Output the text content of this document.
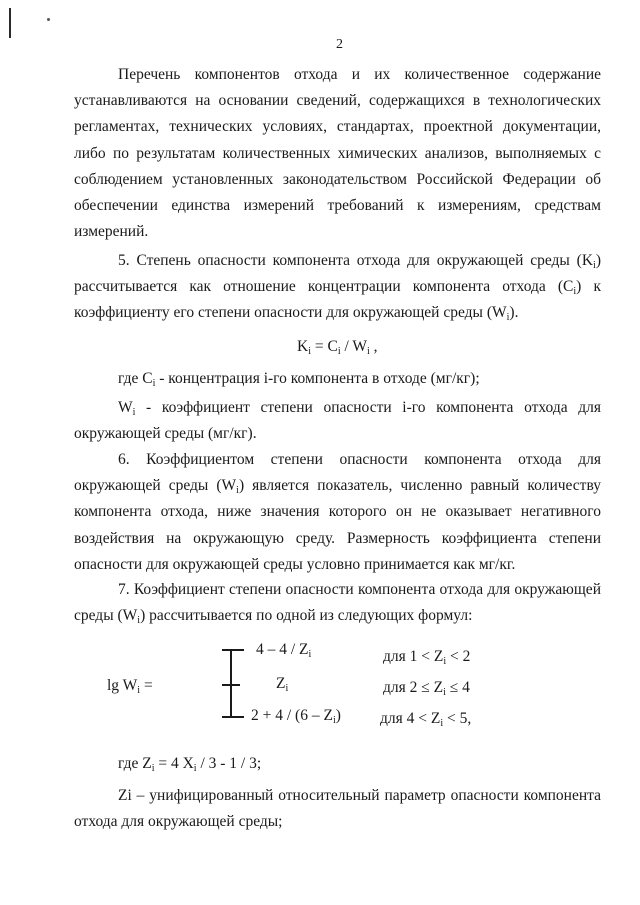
2
Перечень компонентов отхода и их количественное содержание устанавливаются на основании сведений, содержащихся в технологических регламентах, технических условиях, стандартах, проектной документации, либо по результатам количественных химических анализов, выполняемых с соблюдением установленных законодательством Российской Федерации об обеспечении единства измерений требований к измерениям, средствам измерений.
5. Степень опасности компонента отхода для окружающей среды $(K_i)$ рассчитывается как отношение концентрации компонента отхода $(C_i)$ к коэффициенту его степени опасности для окружающей среды $(W_i)$.
$K_i = C_i / W_i$ ,
где $C_i$ - концентрация i-го компонента в отходе (мг/кг);
$W_i$ - коэффициент степени опасности i-го компонента отхода для окружающей среды (мг/кг).
6. Коэффициентом степени опасности компонента отхода для окружающей среды $(W_i)$ является показатель, численно равный количеству компонента отхода, ниже значения которого он не оказывает негативного воздействия на окружающую среду. Размерность коэффициента степени опасности для окружающей среды условно принимается как мг/кг.
7. Коэффициент степени опасности компонента отхода для окружающей среды $(W_i)$ рассчитывается по одной из следующих формул:
$\lg W_i$ =
$4 - 4 / Z_i$
$Z_i$
$2 + 4 / (6 - Z_i)$
для $1 < Z_i < 2$
для $2 \le Z_i \le 4$
для $4 < Z_i < 5$,
где $Z_i = 4$ $X_i / 3 - 1 / 3$;
Zi – унифицированный относительный параметр опасности компонента отхода для окружающей среды;
